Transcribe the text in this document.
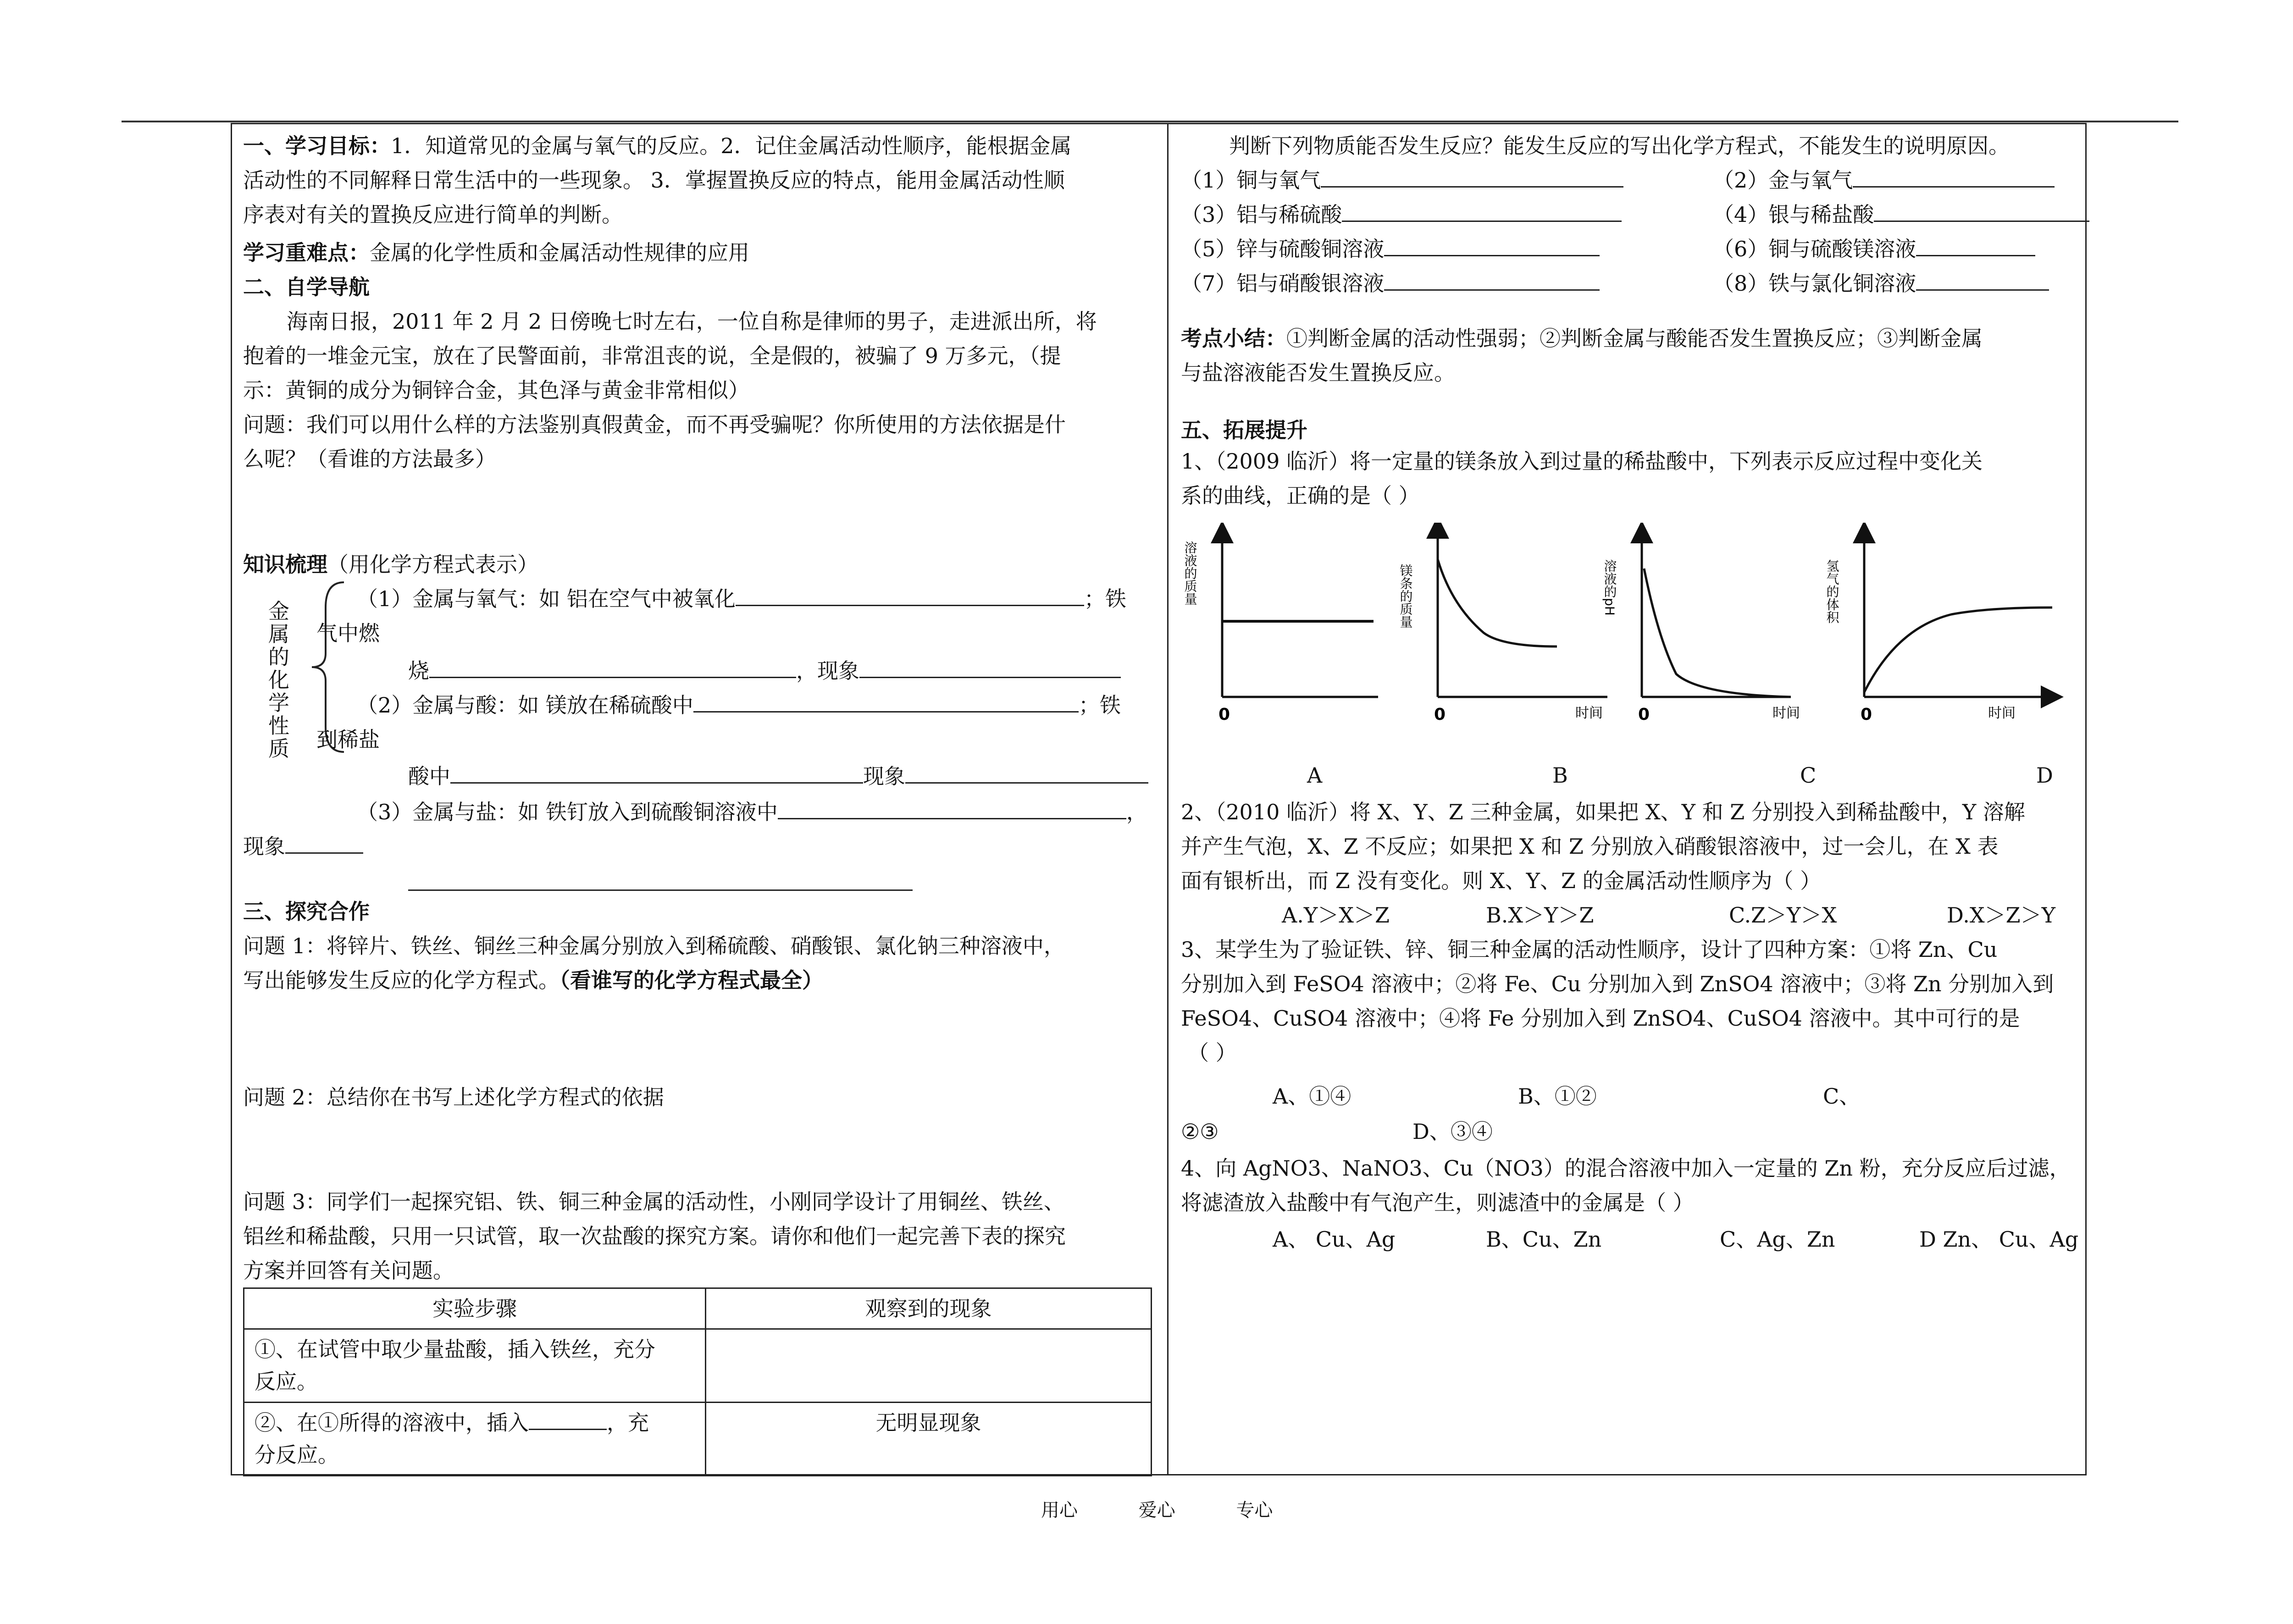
一、学习目标：1．知道常见的金属与氧气的反应。2．记住金属活动性顺序，能根据金属
活动性的不同解释日常生活中的一些现象。 3．掌握置换反应的特点，能用金属活动性顺
序表对有关的置换反应进行简单的判断。
学习重难点：金属的化学性质和金属活动性规律的应用
二、自学导航
海南日报，2011 年 2 月 2 日傍晚七时左右，一位自称是律师的男子，走进派出所，将
抱着的一堆金元宝，放在了民警面前，非常沮丧的说，全是假的，被骗了 9 万多元，（提
示：黄铜的成分为铜锌合金，其色泽与黄金非常相似）
问题：我们可以用什么样的方法鉴别真假黄金，而不再受骗呢？你所使用的方法依据是什
么呢？（看谁的方法最多）
知识梳理（用化学方程式表示）
金属的化学性质
（1）金属与氧气：如 铝在空气中被氧化	；铁
气中燃
烧	，现象
（2）金属与酸：如 镁放在稀硫酸中	；铁
到稀盐
酸中	现象
（3）金属与盐：如 铁钉放入到硫酸铜溶液中	，
现象
三、探究合作
问题 1：将锌片、铁丝、铜丝三种金属分别放入到稀硫酸、硝酸银、氯化钠三种溶液中，
写出能够发生反应的化学方程式。（看谁写的化学方程式最全）
问题 2：总结你在书写上述化学方程式的依据
问题 3：同学们一起探究铝、铁、铜三种金属的活动性，小刚同学设计了用铜丝、铁丝、
铝丝和稀盐酸，只用一只试管，取一次盐酸的探究方案。请你和他们一起完善下表的探究
方案并回答有关问题。
实验步骤	观察到的现象

①、在试管中取少量盐酸，插入铁丝，充分
反应。	

②、在①所得的溶液中，插入 ，充
分反应。	无明显现象
判断下列物质能否发生反应？能发生反应的写出化学方程式，不能发生的说明原因。
（1）铜与氧气	（2）金与氧气
（3）铝与稀硫酸	（4）银与稀盐酸
（5）锌与硫酸铜溶液	（6）铜与硫酸镁溶液
（7）铝与硝酸银溶液	（8）铁与氯化铜溶液
考点小结：①判断金属的活动性强弱；②判断金属与酸能否发生置换反应；③判断金属
与盐溶液能否发生置换反应。
五、拓展提升
1、（2009 临沂）将一定量的镁条放入到过量的稀盐酸中，下列表示反应过程中变化关
系的曲线，正确的是（ ）
溶液的质量
0
镁条的质量
0	时间
溶液的pH
0	时间
氢气的体积
0	时间
A	B	C	D
2、（2010 临沂）将 X、Y、Z 三种金属，如果把 X、Y 和 Z 分别投入到稀盐酸中，Y 溶解
并产生气泡，X、Z 不反应；如果把 X 和 Z 分别放入硝酸银溶液中，过一会儿，在 X 表
面有银析出，而 Z 没有变化。则 X、Y、Z 的金属活动性顺序为（ ）
A.Y＞X＞Z	B.X＞Y＞Z	C.Z＞Y＞X	D.X＞Z＞Y
3、某学生为了验证铁、锌、铜三种金属的活动性顺序，设计了四种方案：①将 Zn、Cu
分别加入到 FeSO4 溶液中；②将 Fe、Cu 分别加入到 ZnSO4 溶液中；③将 Zn 分别加入到
FeSO4、CuSO4 溶液中；④将 Fe 分别加入到 ZnSO4、CuSO4 溶液中。其中可行的是
（ ）
A、①④	B、①②	C、
②③	D、③④
4、向 AgNO3、NaNO3、Cu（NO3）的混合溶液中加入一定量的 Zn 粉，充分反应后过滤，
将滤渣放入盐酸中有气泡产生，则滤渣中的金属是（ ）
A、 Cu、Ag	B、Cu、Zn	C、Ag、Zn	D Zn、 Cu、Ag
用心	爱心	专心
